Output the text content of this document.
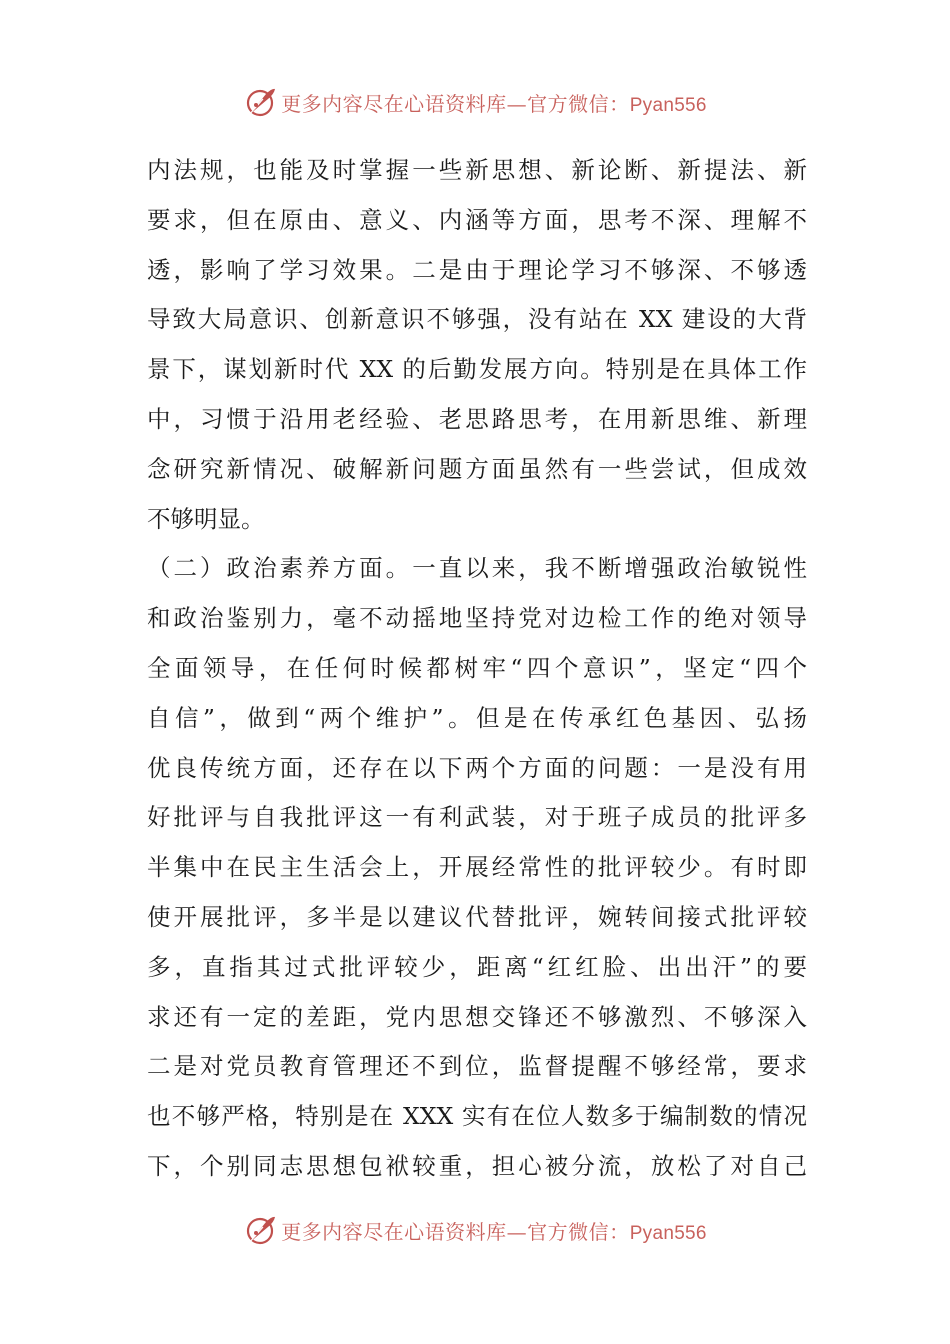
更多内容尽在心语资料库—官方微信：Pyan556
内法规，也能及时掌握一些新思想、新论断、新提法、新
要求，但在原由、意义、内涵等方面，思考不深、理解不
透，影响了学习效果。二是由于理论学习不够深、不够透
导致大局意识、创新意识不够强，没有站在 XX 建设的大背
景下，谋划新时代 XX 的后勤发展方向。特别是在具体工作
中，习惯于沿用老经验、老思路思考，在用新思维、新理
念研究新情况、破解新问题方面虽然有一些尝试，但成效
不够明显。
（二）政治素养方面。一直以来，我不断增强政治敏锐性
和政治鉴别力，毫不动摇地坚持党对边检工作的绝对领导
全面领导，在任何时候都树牢“四个意识”，坚定“四个
自信”，做到“两个维护”。但是在传承红色基因、弘扬
优良传统方面，还存在以下两个方面的问题：一是没有用
好批评与自我批评这一有利武装，对于班子成员的批评多
半集中在民主生活会上，开展经常性的批评较少。有时即
使开展批评，多半是以建议代替批评，婉转间接式批评较
多，直指其过式批评较少，距离“红红脸、出出汗”的要
求还有一定的差距，党内思想交锋还不够激烈、不够深入
二是对党员教育管理还不到位，监督提醒不够经常，要求
也不够严格，特别是在 XXX 实有在位人数多于编制数的情况
下，个别同志思想包袱较重，担心被分流，放松了对自己
更多内容尽在心语资料库—官方微信：Pyan556
